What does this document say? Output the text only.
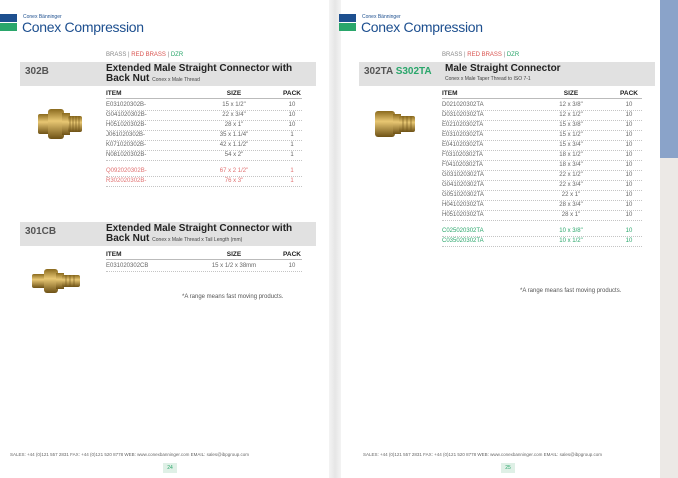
Conex Bänninger
Conex Compression
BRASS | RED BRASS | DZR
302B	Extended Male Straight Connector with
Back Nut Conex x Male Thread
ITEM	SIZE	PACK
E031020302B-	15 x 1/2"	10
G041020302B-	22 x 3/4"	10
H051020302B-	28 x 1"	10
J061020302B-	35 x 1.1/4"	1
K071020302B-	42 x 1.1/2"	1
N081020302B-	54 x 2"	1
Q092020302B-	67 x 2 1/2"	1
R302020302B-	76 x 3"	1
301CB	Extended Male Straight Connector with
Back Nut Conex x Male Thread x Tail Length (mm)
ITEM	SIZE	PACK
E031020302CB	15 x 1/2 x 38mm	10
*A range means fast moving products.
SALES: +44 (0)121 557 2831 FAX: +44 (0)121 520 8778 WEB: www.conexbanninger.com EMAIL: sales@ibpgroup.com
24
Conex Bänninger
Conex Compression
BRASS | RED BRASS | DZR
302TA S302TA Male Straight Connector
Conex x Male Taper Thread to ISO 7-1
ITEM	SIZE	PACK
D021020302TA	12 x 3/8"	10
D031020302TA	12 x 1/2"	10
E021020302TA	15 x 3/8"	10
E031020302TA	15 x 1/2"	10
E041020302TA	15 x 3/4"	10
F031020302TA	18 x 1/2"	10
F041020302TA	18 x 3/4"	10
G031020302TA	22 x 1/2"	10
G041020302TA	22 x 3/4"	10
G051020302TA	22 x 1"	10
H041020302TA	28 x 3/4"	10
H051020302TA	28 x 1"	10
C025020302TA	10 x 3/8"	10
C035020302TA	10 x 1/2"	10
*A range means fast moving products.
SALES: +44 (0)121 557 2831 FAX: +44 (0)121 520 8778 WEB: www.conexbanninger.com EMAIL: sales@ibpgroup.com
25
